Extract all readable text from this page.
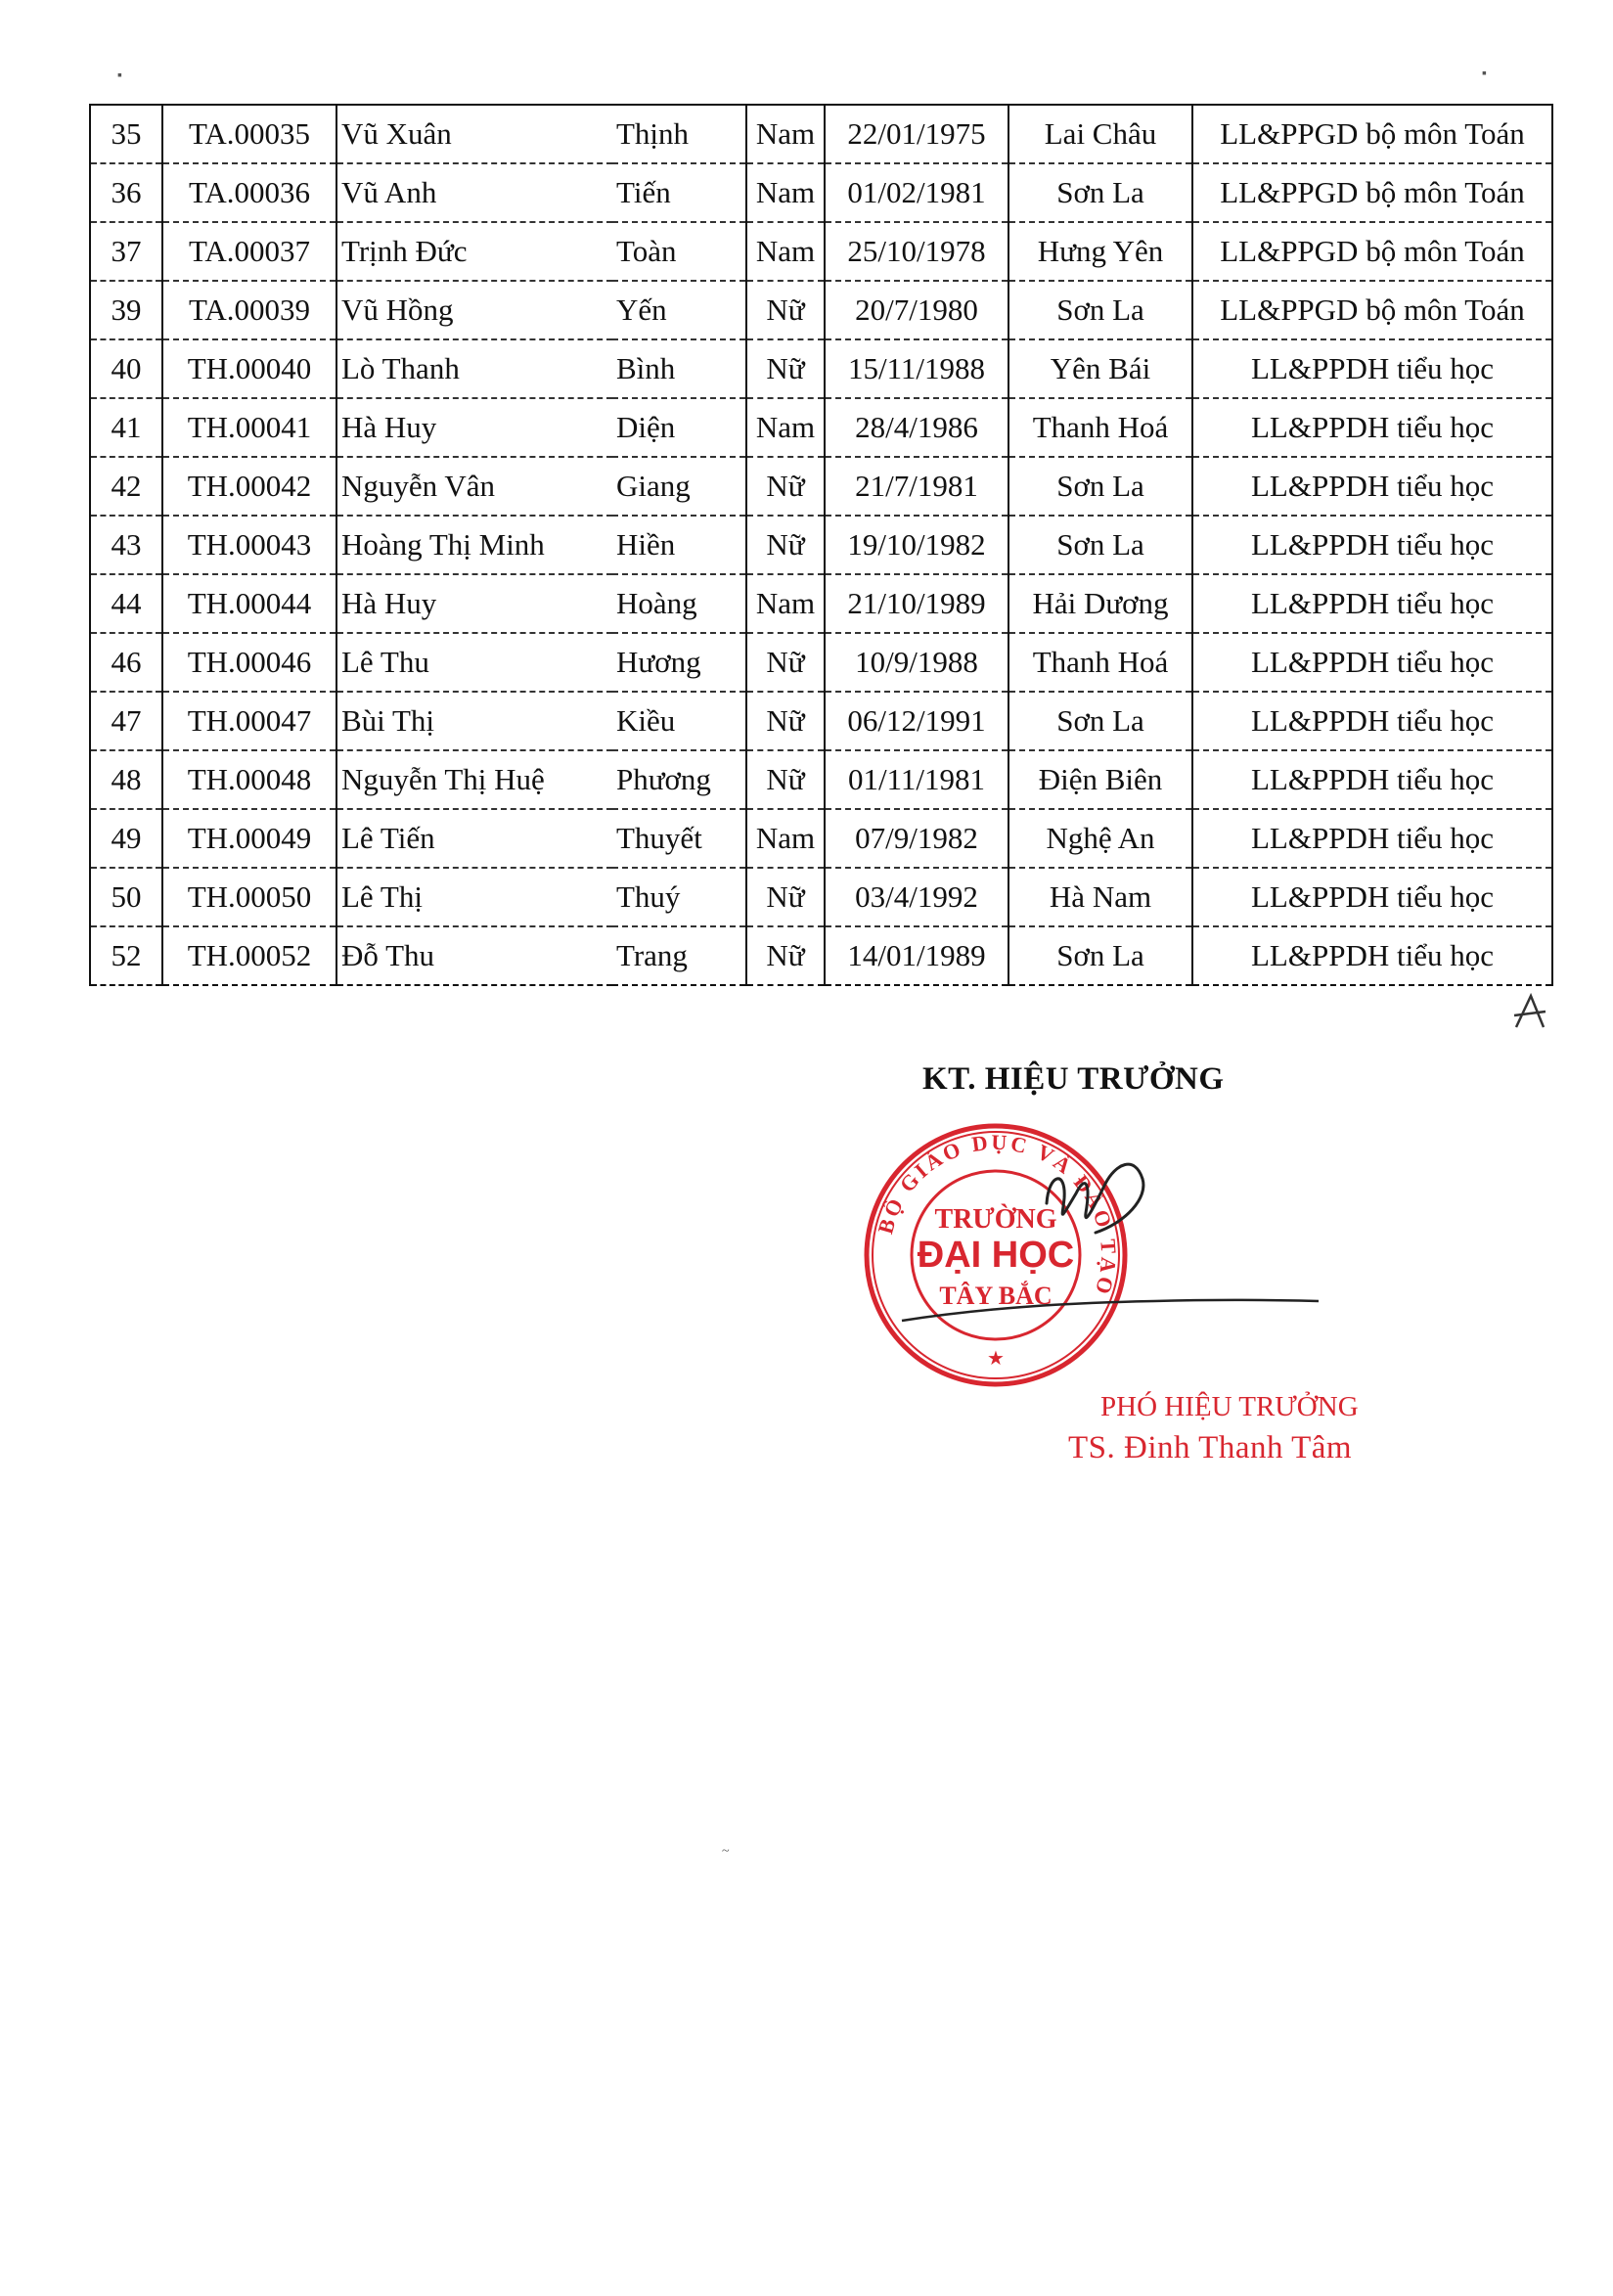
35	TA.00035	Vũ Xuân	Thịnh	Nam	22/01/1975	Lai Châu	LL&PPGD bộ môn Toán
36	TA.00036	Vũ Anh	Tiến	Nam	01/02/1981	Sơn La	LL&PPGD bộ môn Toán
37	TA.00037	Trịnh Đức	Toàn	Nam	25/10/1978	Hưng Yên	LL&PPGD bộ môn Toán
39	TA.00039	Vũ Hồng	Yến	Nữ	20/7/1980	Sơn La	LL&PPGD bộ môn Toán
40	TH.00040	Lò Thanh	Bình	Nữ	15/11/1988	Yên Bái	LL&PPDH tiểu học
41	TH.00041	Hà Huy	Diện	Nam	28/4/1986	Thanh Hoá	LL&PPDH tiểu học
42	TH.00042	Nguyễn Vân	Giang	Nữ	21/7/1981	Sơn La	LL&PPDH tiểu học
43	TH.00043	Hoàng Thị Minh	Hiền	Nữ	19/10/1982	Sơn La	LL&PPDH tiểu học
44	TH.00044	Hà Huy	Hoàng	Nam	21/10/1989	Hải Dương	LL&PPDH tiểu học
46	TH.00046	Lê Thu	Hương	Nữ	10/9/1988	Thanh Hoá	LL&PPDH tiểu học
47	TH.00047	Bùi Thị	Kiều	Nữ	06/12/1991	Sơn La	LL&PPDH tiểu học
48	TH.00048	Nguyễn Thị Huệ	Phương	Nữ	01/11/1981	Điện Biên	LL&PPDH tiểu học
49	TH.00049	Lê Tiến	Thuyết	Nam	07/9/1982	Nghệ An	LL&PPDH tiểu học
50	TH.00050	Lê Thị	Thuý	Nữ	03/4/1992	Hà Nam	LL&PPDH tiểu học
52	TH.00052	Đỗ Thu	Trang	Nữ	14/01/1989	Sơn La	LL&PPDH tiểu học
KT. HIỆU TRƯỞNG
BỘ GIÁO DỤC VÀ ĐÀO TẠO
★
TRƯỜNG
ĐẠI HỌC
TÂY BẮC
PHÓ HIỆU TRƯỞNG
TS. Đinh Thanh Tâm
▪	▪
~
